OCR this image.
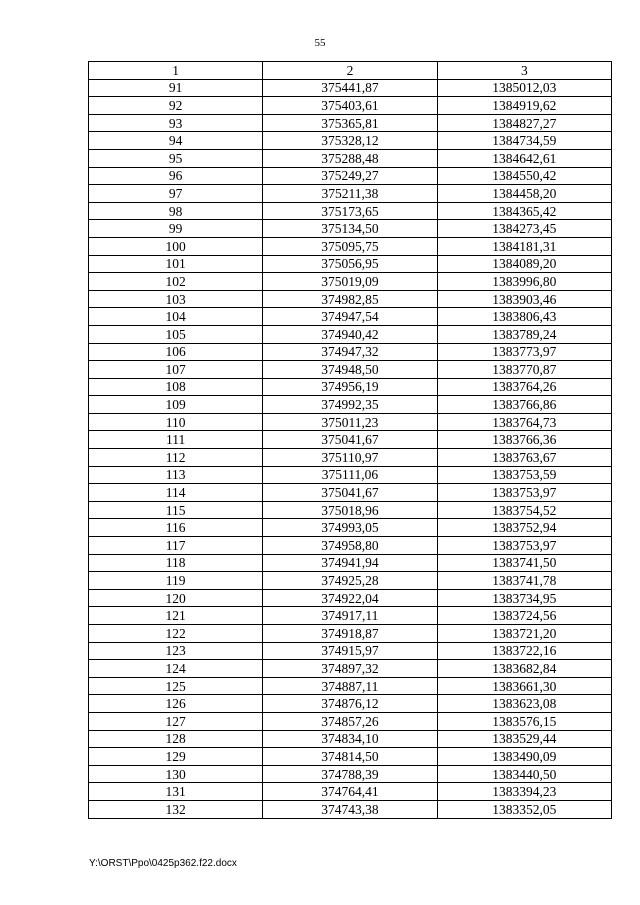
55
1	2	3
91	375441,87	1385012,03
92	375403,61	1384919,62
93	375365,81	1384827,27
94	375328,12	1384734,59
95	375288,48	1384642,61
96	375249,27	1384550,42
97	375211,38	1384458,20
98	375173,65	1384365,42
99	375134,50	1384273,45
100	375095,75	1384181,31
101	375056,95	1384089,20
102	375019,09	1383996,80
103	374982,85	1383903,46
104	374947,54	1383806,43
105	374940,42	1383789,24
106	374947,32	1383773,97
107	374948,50	1383770,87
108	374956,19	1383764,26
109	374992,35	1383766,86
110	375011,23	1383764,73
111	375041,67	1383766,36
112	375110,97	1383763,67
113	375111,06	1383753,59
114	375041,67	1383753,97
115	375018,96	1383754,52
116	374993,05	1383752,94
117	374958,80	1383753,97
118	374941,94	1383741,50
119	374925,28	1383741,78
120	374922,04	1383734,95
121	374917,11	1383724,56
122	374918,87	1383721,20
123	374915,97	1383722,16
124	374897,32	1383682,84
125	374887,11	1383661,30
126	374876,12	1383623,08
127	374857,26	1383576,15
128	374834,10	1383529,44
129	374814,50	1383490,09
130	374788,39	1383440,50
131	374764,41	1383394,23
132	374743,38	1383352,05
Y:\ORST\Ppo\0425p362.f22.docx
